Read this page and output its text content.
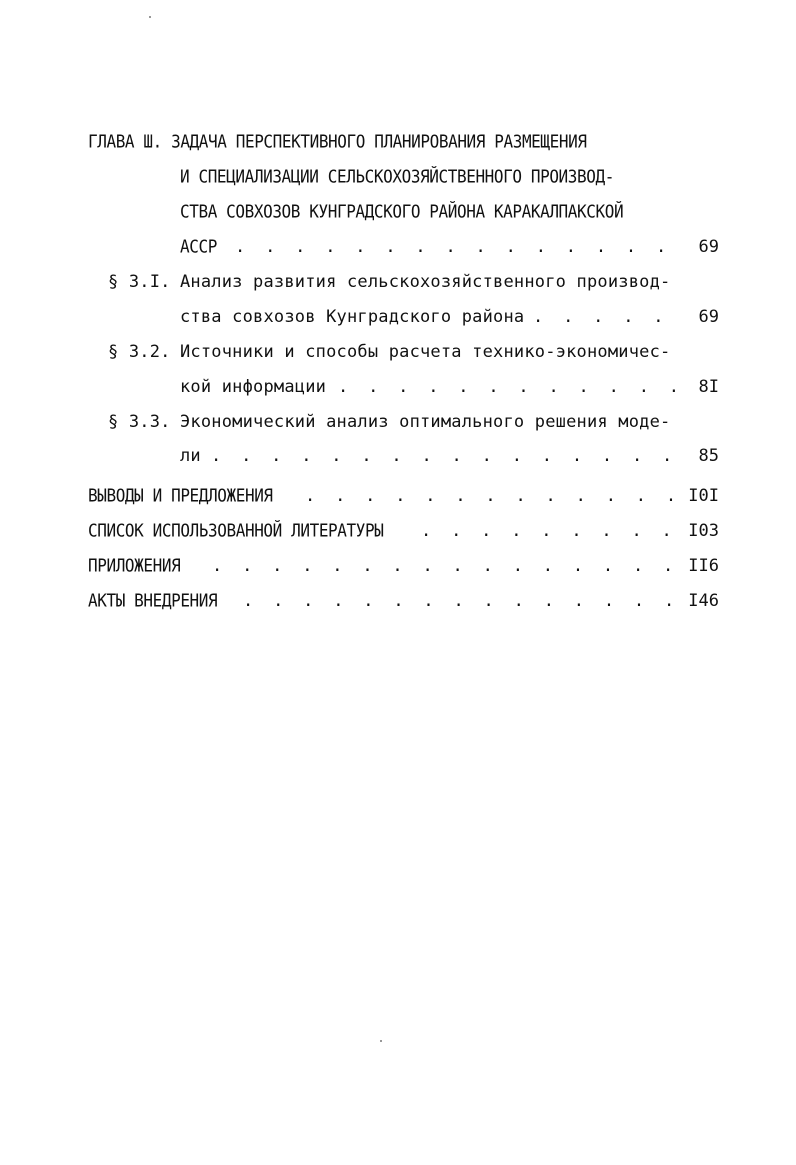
ГЛАВА Ш. ЗАДАЧА ПЕРСПЕКТИВНОГО ПЛАНИРОВАНИЯ РАЗМЕЩЕНИЯ
И СПЕЦИАЛИЗАЦИИ СЕЛЬСКОХОЗЯЙСТВЕННОГО ПРОИЗВОД-
СТВА СОВХОЗОВ КУНГРАДСКОГО РАЙОНА КАРАКАЛПАКСКОЙ
АССР . . .	69
§ 3.I. Анализ развития сельскохозяйственного производ-
ства совхозов Кунградского района . . .	69
§ 3.2. Источники и способы расчета технико-экономичес-
кой информации . . .	8I
§ 3.3. Экономический анализ оптимального решения моде-
ли . . .	85
ВЫВОДЫ И ПРЕДЛОЖЕНИЯ . . .	I0I
СПИСОК ИСПОЛЬЗОВАННОЙ ЛИТЕРАТУРЫ . . .	I03
ПРИЛОЖЕНИЯ . . .	II6
АКТЫ ВНЕДРЕНИЯ . . .	I46
